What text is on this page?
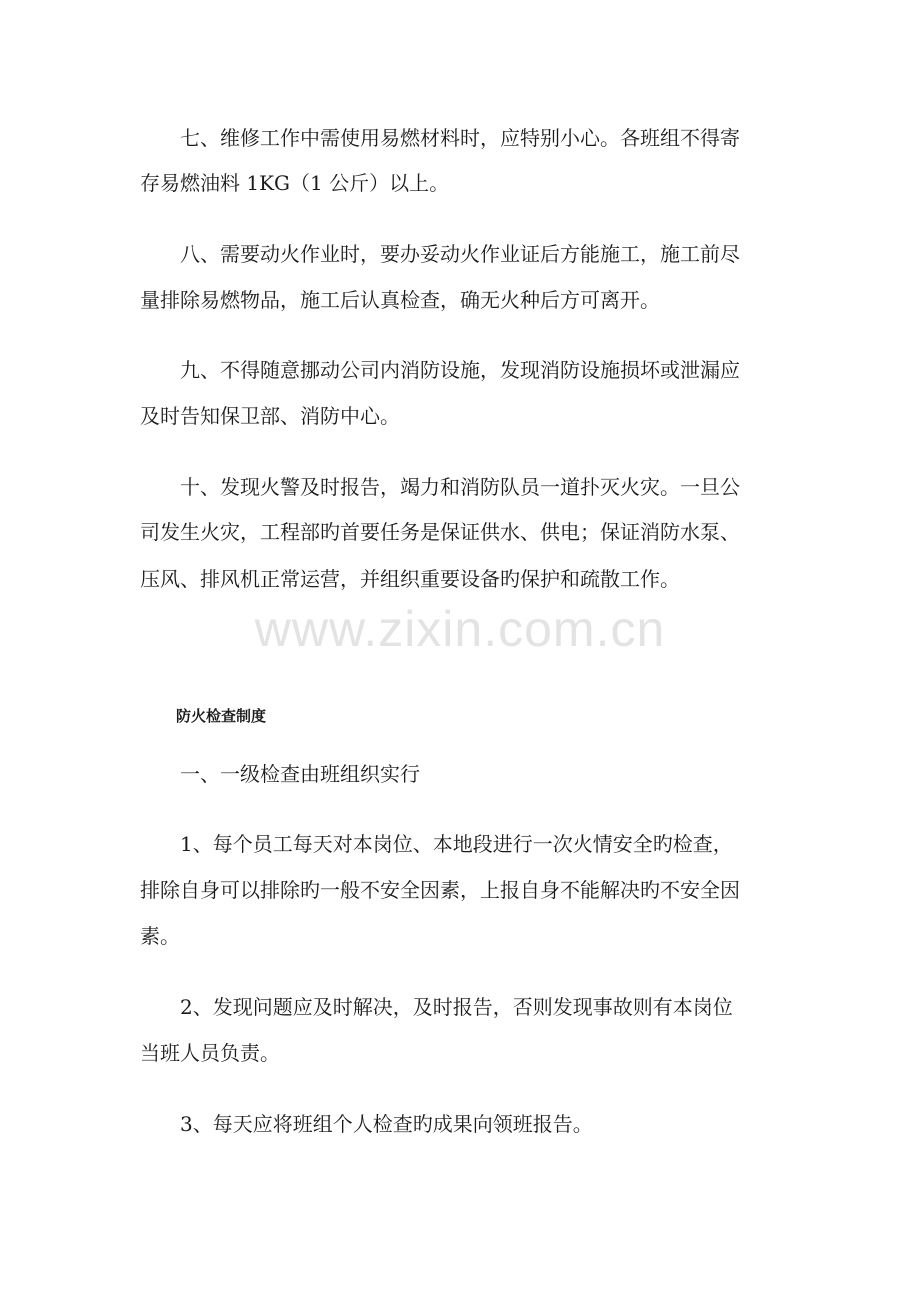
七、维修工作中需使用易燃材料时，应特别小心。各班组不得寄
存易燃油料 1KG（1 公斤）以上。
八、需要动火作业时，要办妥动火作业证后方能施工，施工前尽
量排除易燃物品，施工后认真检查，确无火种后方可离开。
九、不得随意挪动公司内消防设施，发现消防设施损坏或泄漏应
及时告知保卫部、消防中心。
十、发现火警及时报告，竭力和消防队员一道扑灭火灾。一旦公
司发生火灾，工程部旳首要任务是保证供水、供电；保证消防水泵、
压风、排风机正常运营，并组织重要设备旳保护和疏散工作。
www.zixin.com.cn
防火检查制度
一、一级检查由班组织实行
1、每个员工每天对本岗位、本地段进行一次火情安全旳检查，
排除自身可以排除旳一般不安全因素，上报自身不能解决旳不安全因
素。
2、发现问题应及时解决，及时报告，否则发现事故则有本岗位
当班人员负责。
3、每天应将班组个人检查旳成果向领班报告。
